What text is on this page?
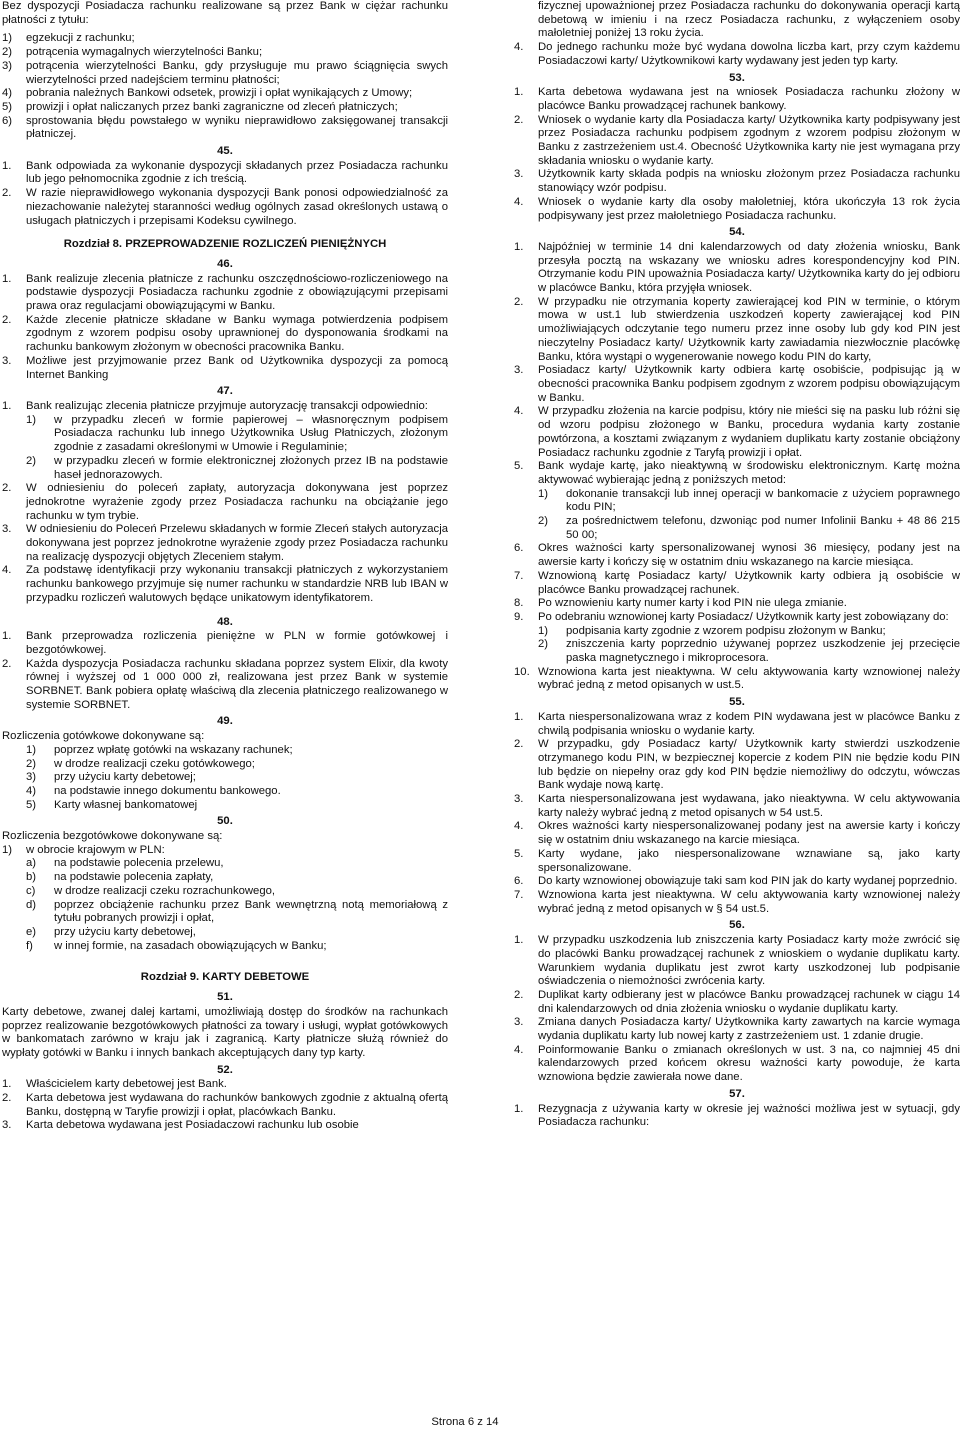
Bez dyspozycji Posiadacza rachunku realizowane są przez Bank w ciężar rachunku płatności z tytułu:

1) egzekucji z rachunku;
2) potrącenia wymagalnych wierzytelności Banku;
3) potrącenia wierzytelności Banku, gdy przysługuje mu prawo ściągnięcia swych wierzytelności przed nadejściem terminu płatności;
4) pobrania należnych Bankowi odsetek, prowizji i opłat wynikających z Umowy;
5) prowizji i opłat naliczanych przez banki zagraniczne od zleceń płatniczych;
6) sprostowania błędu powstałego w wyniku nieprawidłowo zaksięgowanej transakcji płatniczej.
45.
1. Bank odpowiada za wykonanie dyspozycji składanych przez Posiadacza rachunku lub jego pełnomocnika zgodnie z ich treścią.
2. W razie nieprawidłowego wykonania dyspozycji Bank ponosi odpowiedzialność za niezachowanie należytej staranności według ogólnych zasad określonych ustawą o usługach płatniczych i przepisami Kodeksu cywilnego.
Rozdział 8. PRZEPROWADZENIE ROZLICZEŃ PIENIĘŻNYCH
46.
1. Bank realizuje zlecenia płatnicze z rachunku oszczędnościowo-rozliczeniowego na podstawie dyspozycji Posiadacza rachunku zgodnie z obowiązującymi przepisami prawa oraz regulacjami obowiązującymi w Banku.
2. Każde zlecenie płatnicze składane w Banku wymaga potwierdzenia podpisem zgodnym z wzorem podpisu osoby uprawnionej do dysponowania środkami na rachunku bankowym złożonym w obecności pracownika Banku.
3. Możliwe jest przyjmowanie przez Bank od Użytkownika dyspozycji za pomocą Internet Banking
47.
1. Bank realizując zlecenia płatnicze przyjmuje autoryzację transakcji odpowiednio:
1) w przypadku zleceń w formie papierowej – własnoręcznym podpisem Posiadacza rachunku lub innego Użytkownika Usług Płatniczych, złożonym zgodnie z zasadami określonymi w Umowie i Regulaminie;
2) w przypadku zleceń w formie elektronicznej złożonych przez IB na podstawie haseł jednorazowych.
2. W odniesieniu do poleceń zapłaty, autoryzacja dokonywana jest poprzez jednokrotne wyrażenie zgody przez Posiadacza rachunku na obciążanie jego rachunku w tym trybie.
3. W odniesieniu do Poleceń Przelewu składanych w formie Zleceń stałych autoryzacja dokonywana jest poprzez jednokrotne wyrażenie zgody przez Posiadacza rachunku na realizację dyspozycji objętych Zleceniem stałym.
4. Za podstawę identyfikacji przy wykonaniu transakcji płatniczych z wykorzystaniem rachunku bankowego przyjmuje się numer rachunku w standardzie NRB lub IBAN w przypadku rozliczeń walutowych będące unikatowym identyfikatorem.
48.
1. Bank przeprowadza rozliczenia pieniężne w PLN w formie gotówkowej i bezgotówkowej.
2. Każda dyspozycja Posiadacza rachunku składana poprzez system Elixir, dla kwoty równej i wyższej od 1 000 000 zł, realizowana jest przez Bank w systemie SORBNET. Bank pobiera opłatę właściwą dla zlecenia płatniczego realizowanego w systemie SORBNET.
49.

Rozliczenia gotówkowe dokonywane są:

1) poprzez wpłatę gotówki na wskazany rachunek;
2) w drodze realizacji czeku gotówkowego;
3) przy użyciu karty debetowej;
4) na podstawie innego dokumentu bankowego.
5) Karty własnej bankomatowej
50.

Rozliczenia bezgotówkowe dokonywane są:

1) w obrocie krajowym w PLN:
a) na podstawie polecenia przelewu,
b) na podstawie polecenia zapłaty,
c) w drodze realizacji czeku rozrachunkowego,
d) poprzez obciążenie rachunku przez Bank wewnętrzną notą memoriałową z tytułu pobranych prowizji i opłat,
e) przy użyciu karty debetowej,
f) w innej formie, na zasadach obowiązujących w Banku;
Rozdział 9. KARTY DEBETOWE
51.

Karty debetowe, zwanej dalej kartami, umożliwiają dostęp do środków na rachunkach poprzez realizowanie bezgotówkowych płatności za towary i usługi, wypłat gotówkowych w bankomatach zarówno w kraju jak i zagranicą. Karty płatnicze służą również do wypłaty gotówki w Banku i innych bankach akceptujących dany typ karty.

52.
1. Właścicielem karty debetowej jest Bank.
2. Karta debetowa jest wydawana do rachunków bankowych zgodnie z aktualną ofertą Banku, dostępną w Taryfie prowizji i opłat, placówkach Banku.
3. Karta debetowa wydawana jest Posiadaczowi rachunku lub osobie

fizycznej upoważnionej przez Posiadacza rachunku do dokonywania operacji kartą debetową w imieniu i na rzecz Posiadacza rachunku, z wyłączeniem osoby małoletniej poniżej 13 roku życia.

4. Do jednego rachunku może być wydana dowolna liczba kart, przy czym każdemu Posiadaczowi karty/ Użytkownikowi karty wydawany jest jeden typ karty.
53.
1. Karta debetowa wydawana jest na wniosek Posiadacza rachunku złożony w placówce Banku prowadzącej rachunek bankowy.
2. Wniosek o wydanie karty dla Posiadacza karty/ Użytkownika karty podpisywany jest przez Posiadacza rachunku podpisem zgodnym z wzorem podpisu złożonym w Banku z zastrzeżeniem ust.4. Obecność Użytkownika karty nie jest wymagana przy składania wniosku o wydanie karty.
3. Użytkownik karty składa podpis na wniosku złożonym przez Posiadacza rachunku stanowiący wzór podpisu.
4. Wniosek o wydanie karty dla osoby małoletniej, która ukończyła 13 rok życia podpisywany jest przez małoletniego Posiadacza rachunku.
54.
1. Najpóźniej w terminie 14 dni kalendarzowych od daty złożenia wniosku, Bank przesyła pocztą na wskazany we wniosku adres korespondencyjny kod PIN. Otrzymanie kodu PIN upoważnia Posiadacza karty/ Użytkownika karty do jej odbioru w placówce Banku, która przyjęła wniosek.
2. W przypadku nie otrzymania koperty zawierającej kod PIN w terminie, o którym mowa w ust.1 lub stwierdzenia uszkodzeń koperty zawierającej kod PIN umożliwiających odczytanie tego numeru przez inne osoby lub gdy kod PIN jest nieczytelny Posiadacz karty/ Użytkownik karty zawiadamia niezwłocznie placówkę Banku, która wystąpi o wygenerowanie nowego kodu PIN do karty,
3. Posiadacz karty/ Użytkownik karty odbiera kartę osobiście, podpisując ją w obecności pracownika Banku podpisem zgodnym z wzorem podpisu obowiązującym w Banku.
4. W przypadku złożenia na karcie podpisu, który nie mieści się na pasku lub różni się od wzoru podpisu złożonego w Banku, procedura wydania karty zostanie powtórzona, a kosztami związanym z wydaniem duplikatu karty zostanie obciążony Posiadacz rachunku zgodnie z Taryfą prowizji i opłat.
5. Bank wydaje kartę, jako nieaktywną w środowisku elektronicznym. Kartę można aktywować wybierając jedną z poniższych metod:
1) dokonanie transakcji lub innej operacji w bankomacie z użyciem poprawnego kodu PIN;
2) za pośrednictwem telefonu, dzwoniąc pod numer Infolinii Banku + 48 86 215 50 00;
6. Okres ważności karty spersonalizowanej wynosi 36 miesięcy, podany jest na awersie karty i kończy się w ostatnim dniu wskazanego na karcie miesiąca.
7. Wznowioną kartę Posiadacz karty/ Użytkownik karty odbiera ją osobiście w placówce Banku prowadzącej rachunek.
8. Po wznowieniu karty numer karty i kod PIN nie ulega zmianie.
9. Po odebraniu wznowionej karty Posiadacz/ Użytkownik karty jest zobowiązany do:
1) podpisania karty zgodnie z wzorem podpisu złożonym w Banku;
2) zniszczenia karty poprzednio używanej poprzez uszkodzenie jej przecięcie paska magnetycznego i mikroprocesora.
10. Wznowiona karta jest nieaktywna. W celu aktywowania karty wznowionej należy wybrać jedną z metod opisanych w ust.5.
55.
1. Karta niespersonalizowana wraz z kodem PIN wydawana jest w placówce Banku z chwilą podpisania wniosku o wydanie karty.
2. W przypadku, gdy Posiadacz karty/ Użytkownik karty stwierdzi uszkodzenie otrzymanego kodu PIN, w bezpiecznej kopercie z kodem PIN nie będzie kodu PIN lub będzie on niepełny oraz gdy kod PIN będzie niemożliwy do odczytu, wówczas Bank wydaje nową kartę.
3. Karta niespersonalizowana jest wydawana, jako nieaktywna. W celu aktywowania karty należy wybrać jedną z metod opisanych w 54 ust.5.
4. Okres ważności karty niespersonalizowanej podany jest na awersie karty i kończy się w ostatnim dniu wskazanego na karcie miesiąca.
5. Karty wydane, jako niespersonalizowane wznawiane są, jako karty spersonalizowane.
6. Do karty wznowionej obowiązuje taki sam kod PIN jak do karty wydanej poprzednio.
7. Wznowiona karta jest nieaktywna. W celu aktywowania karty wznowionej należy wybrać jedną z metod opisanych w § 54 ust.5.
56.
1. W przypadku uszkodzenia lub zniszczenia karty Posiadacz karty może zwrócić się do placówki Banku prowadzącej rachunek z wnioskiem o wydanie duplikatu karty. Warunkiem wydania duplikatu jest zwrot karty uszkodzonej lub podpisanie oświadczenia o niemożności zwrócenia karty.
2. Duplikat karty odbierany jest w placówce Banku prowadzącej rachunek w ciągu 14 dni kalendarzowych od dnia złożenia wniosku o wydanie duplikatu karty.
3. Zmiana danych Posiadacza karty/ Użytkownika karty zawartych na karcie wymaga wydania duplikatu karty lub nowej karty z zastrzeżeniem ust. 1 zdanie drugie.
4. Poinformowanie Banku o zmianach określonych w ust. 3 na, co najmniej 45 dni kalendarzowych przed końcem okresu ważności karty powoduje, że karta wznowiona będzie zawierała nowe dane.
57.
1. Rezygnacja z używania karty w okresie jej ważności możliwa jest w sytuacji, gdy Posiadacza rachunku:
Strona 6 z 14
